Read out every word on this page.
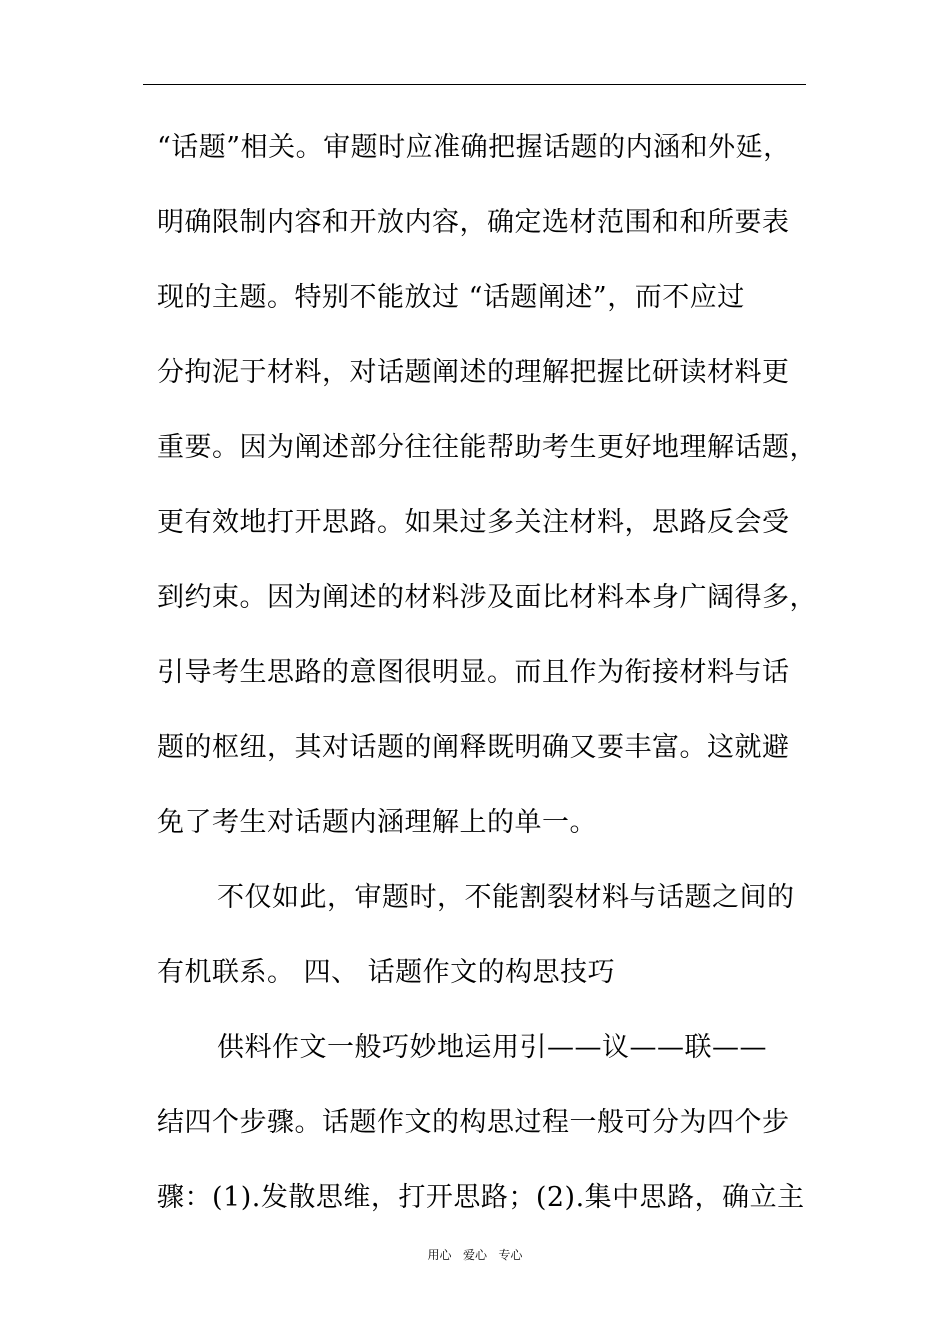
“话题”相关。审题时应准确把握话题的内涵和外延，
明确限制内容和开放内容，确定选材范围和和所要表
现的主题。特别不能放过 “话题阐述”，而不应过
分拘泥于材料，对话题阐述的理解把握比研读材料更
重要。因为阐述部分往往能帮助考生更好地理解话题，
更有效地打开思路。如果过多关注材料，思路反会受
到约束。因为阐述的材料涉及面比材料本身广阔得多，
引导考生思路的意图很明显。而且作为衔接材料与话
题的枢纽，其对话题的阐释既明确又要丰富。这就避
免了考生对话题内涵理解上的单一。
不仅如此，审题时，不能割裂材料与话题之间的
有机联系。 四、 话题作文的构思技巧
供料作文一般巧妙地运用引——议——联——
结四个步骤。话题作文的构思过程一般可分为四个步
骤：(1).发散思维，打开思路；(2).集中思路，确立主
用心   爱心   专心
